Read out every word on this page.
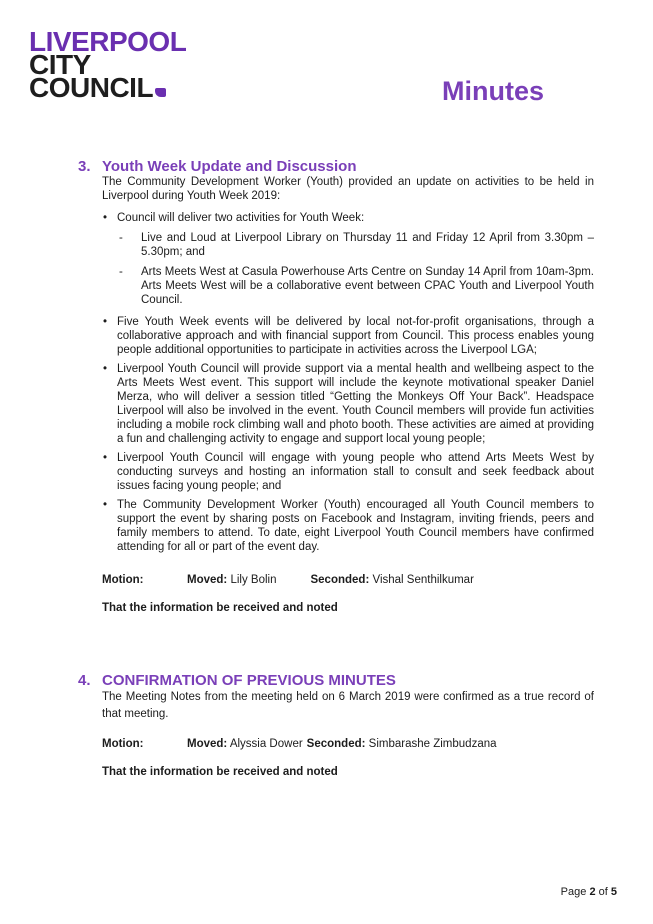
LIVERPOOL
CITY
COUNCIL	Minutes
3. Youth Week Update and Discussion

The Community Development Worker (Youth) provided an update on activities to be held in Liverpool during Youth Week 2019:

• Council will deliver two activities for Youth Week:
- Live and Loud at Liverpool Library on Thursday 11 and Friday 12 April from 3.30pm – 5.30pm; and
- Arts Meets West at Casula Powerhouse Arts Centre on Sunday 14 April from 10am-3pm. Arts Meets West will be a collaborative event between CPAC Youth and Liverpool Youth Council.
• Five Youth Week events will be delivered by local not-for-profit organisations, through a collaborative approach and with financial support from Council. This process enables young people additional opportunities to participate in activities across the Liverpool LGA;
• Liverpool Youth Council will provide support via a mental health and wellbeing aspect to the Arts Meets West event. This support will include the keynote motivational speaker Daniel Merza, who will deliver a session titled “Getting the Monkeys Off Your Back”. Headspace Liverpool will also be involved in the event. Youth Council members will provide fun activities including a mobile rock climbing wall and photo booth. These activities are aimed at providing a fun and challenging activity to engage and support local young people;
• Liverpool Youth Council will engage with young people who attend Arts Meets West by conducting surveys and hosting an information stall to consult and seek feedback about issues facing young people; and
• The Community Development Worker (Youth) encouraged all Youth Council members to support the event by sharing posts on Facebook and Instagram, inviting friends, peers and family members to attend. To date, eight Liverpool Youth Council members have confirmed attending for all or part of the event day.
Motion:	Moved: Lily Bolin	Seconded: Vishal Senthilkumar
That the information be received and noted
4. CONFIRMATION OF PREVIOUS MINUTES

The Meeting Notes from the meeting held on 6 March 2019 were confirmed as a true record of that meeting.

Motion:	Moved: Alyssia Dower Seconded: Simbarashe Zimbudzana
That the information be received and noted
Page 2 of 5
